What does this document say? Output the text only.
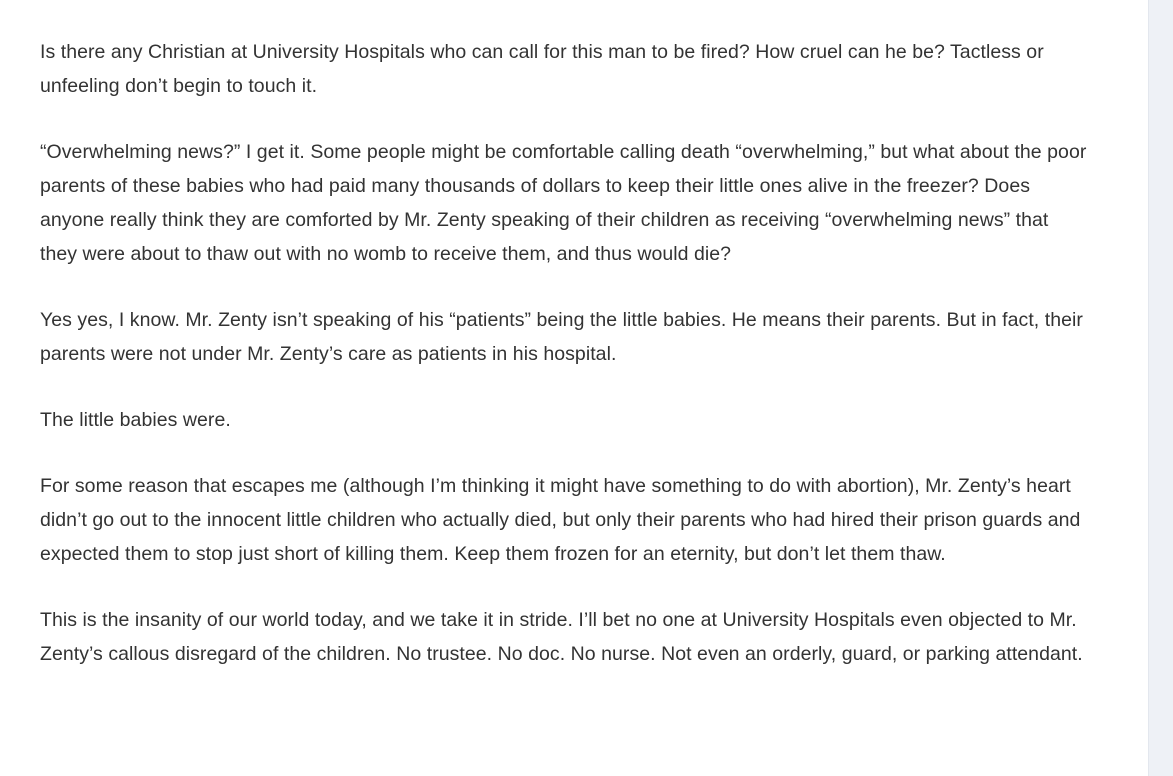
Is there any Christian at University Hospitals who can call for this man to be fired? How cruel can he be? Tactless or unfeeling don’t begin to touch it.

“Overwhelming news?” I get it. Some people might be comfortable calling death “overwhelming,” but what about the poor parents of these babies who had paid many thousands of dollars to keep their little ones alive in the freezer? Does anyone really think they are comforted by Mr. Zenty speaking of their children as receiving “overwhelming news” that they were about to thaw out with no womb to receive them, and thus would die?

Yes yes, I know. Mr. Zenty isn’t speaking of his “patients” being the little babies. He means their parents. But in fact, their parents were not under Mr. Zenty’s care as patients in his hospital.

The little babies were.

For some reason that escapes me (although I’m thinking it might have something to do with abortion), Mr. Zenty’s heart didn’t go out to the innocent little children who actually died, but only their parents who had hired their prison guards and expected them to stop just short of killing them. Keep them frozen for an eternity, but don’t let them thaw.

This is the insanity of our world today, and we take it in stride. I’ll bet no one at University Hospitals even objected to Mr. Zenty’s callous disregard of the children. No trustee. No doc. No nurse. Not even an orderly, guard, or parking attendant.
